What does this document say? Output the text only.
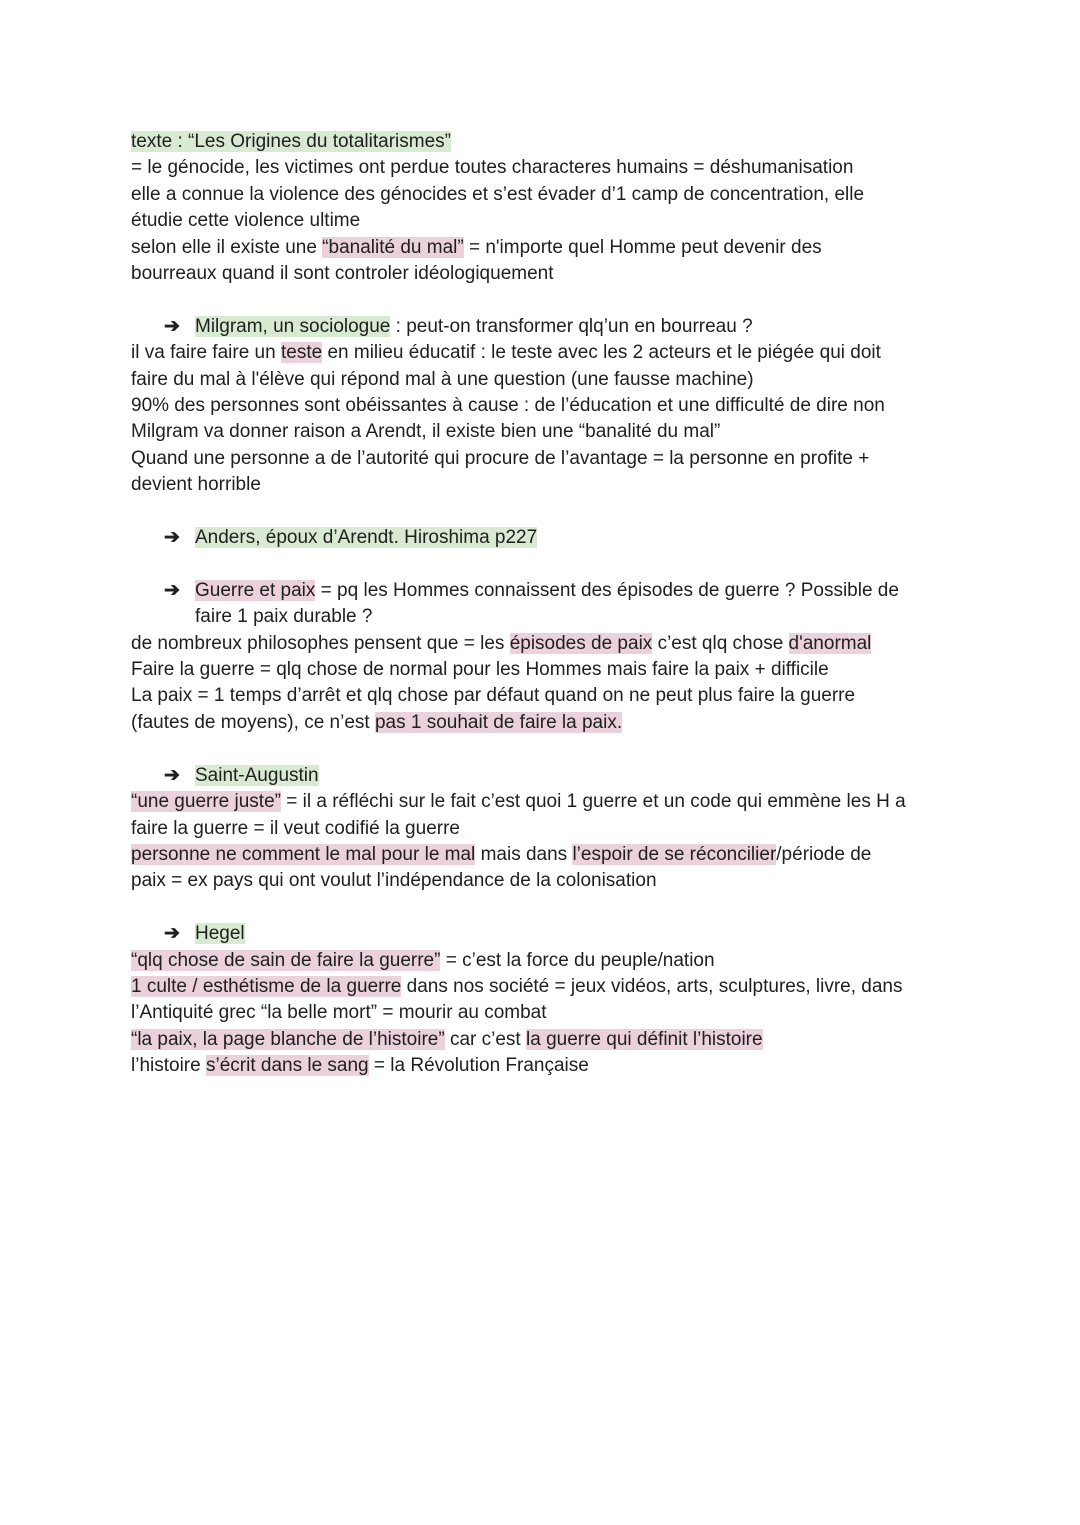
texte : “Les Origines du totalitarismes”
= le génocide, les victimes ont perdue toutes characteres humains = déshumanisation
elle a connue la violence des génocides et s’est évader d’1 camp de concentration, elle
étudie cette violence ultime
selon elle il existe une “banalité du mal” = n'importe quel Homme peut devenir des
bourreaux quand il sont controler idéologiquement
➔ Milgram, un sociologue : peut-on transformer qlq’un en bourreau ?
il va faire faire un teste en milieu éducatif : le teste avec les 2 acteurs et le piégée qui doit
faire du mal à l'élève qui répond mal à une question (une fausse machine)
90% des personnes sont obéissantes à cause : de l’éducation et une difficulté de dire non
Milgram va donner raison a Arendt, il existe bien une “banalité du mal”
Quand une personne a de l’autorité qui procure de l’avantage = la personne en profite +
devient horrible
➔ Anders, époux d’Arendt. Hiroshima p227
➔ Guerre et paix = pq les Hommes connaissent des épisodes de guerre ? Possible de
faire 1 paix durable ?
de nombreux philosophes pensent que = les épisodes de paix c’est qlq chose d'anormal
Faire la guerre = qlq chose de normal pour les Hommes mais faire la paix + difficile
La paix = 1 temps d’arrêt et qlq chose par défaut quand on ne peut plus faire la guerre
(fautes de moyens), ce n’est pas 1 souhait de faire la paix.
➔ Saint-Augustin
“une guerre juste” = il a réfléchi sur le fait c’est quoi 1 guerre et un code qui emmène les H a
faire la guerre = il veut codifié la guerre
personne ne comment le mal pour le mal mais dans l’espoir de se réconcilier/période de
paix = ex pays qui ont voulut l’indépendance de la colonisation
➔ Hegel
“qlq chose de sain de faire la guerre” = c’est la force du peuple/nation
1 culte / esthétisme de la guerre dans nos société = jeux vidéos, arts, sculptures, livre, dans
l’Antiquité grec “la belle mort” = mourir au combat
“la paix, la page blanche de l’histoire” car c’est la guerre qui définit l’histoire
l’histoire s’écrit dans le sang = la Révolution Française
